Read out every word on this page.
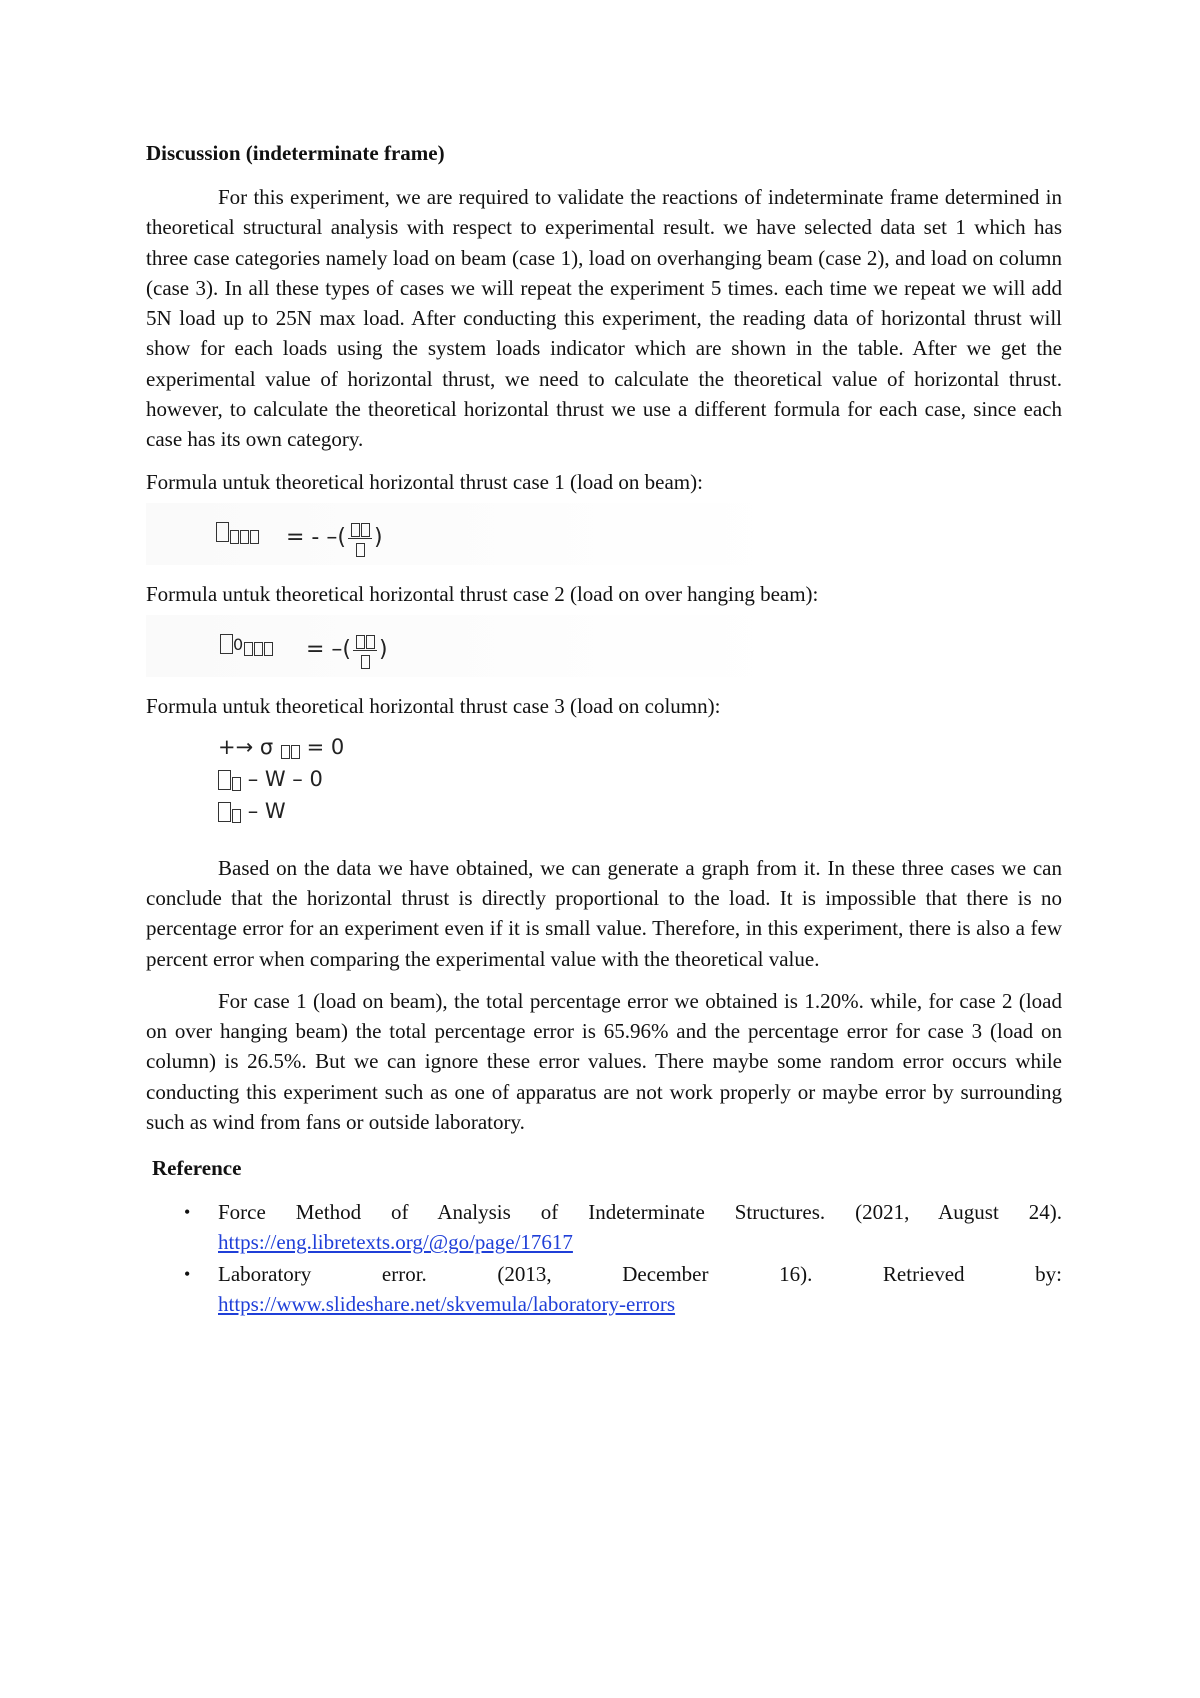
Discussion (indeterminate frame)

For this experiment, we are required to validate the reactions of indeterminate frame determined in theoretical structural analysis with respect to experimental result. we have selected data set 1 which has three case categories namely load on beam (case 1), load on overhanging beam (case 2), and load on column (case 3). In all these types of cases we will repeat the experiment 5 times. each time we repeat we will add 5N load up to 25N max load. After conducting this experiment, the reading data of horizontal thrust will show for each loads using the system loads indicator which are shown in the table. After we get the experimental value of horizontal thrust, we need to calculate the theoretical value of horizontal thrust. however, to calculate the theoretical horizontal thrust we use a different formula for each case, since each case has its own category.

Formula untuk theoretical horizontal thrust case 1 (load on beam):

= - –( )

Formula untuk theoretical horizontal thrust case 2 (load on over hanging beam):

0	= –( )

Formula untuk theoretical horizontal thrust case 3 (load on column):

+→ σ = 0
– W – 0
– W

Based on the data we have obtained, we can generate a graph from it. In these three cases we can conclude that the horizontal thrust is directly proportional to the load. It is impossible that there is no percentage error for an experiment even if it is small value. Therefore, in this experiment, there is also a few percent error when comparing the experimental value with the theoretical value.

For case 1 (load on beam), the total percentage error we obtained is 1.20%. while, for case 2 (load on over hanging beam) the total percentage error is 65.96% and the percentage error for case 3 (load on column) is 26.5%. But we can ignore these error values. There maybe some random error occurs while conducting this experiment such as one of apparatus are not work properly or maybe error by surrounding such as wind from fans or outside laboratory.

Reference

• Force Method of Analysis of Indeterminate Structures. (2021, August 24). https://eng.libretexts.org/@go/page/17617
• Laboratory error. (2013, December 16). Retrieved by:
https://www.slideshare.net/skvemula/laboratory-errors
